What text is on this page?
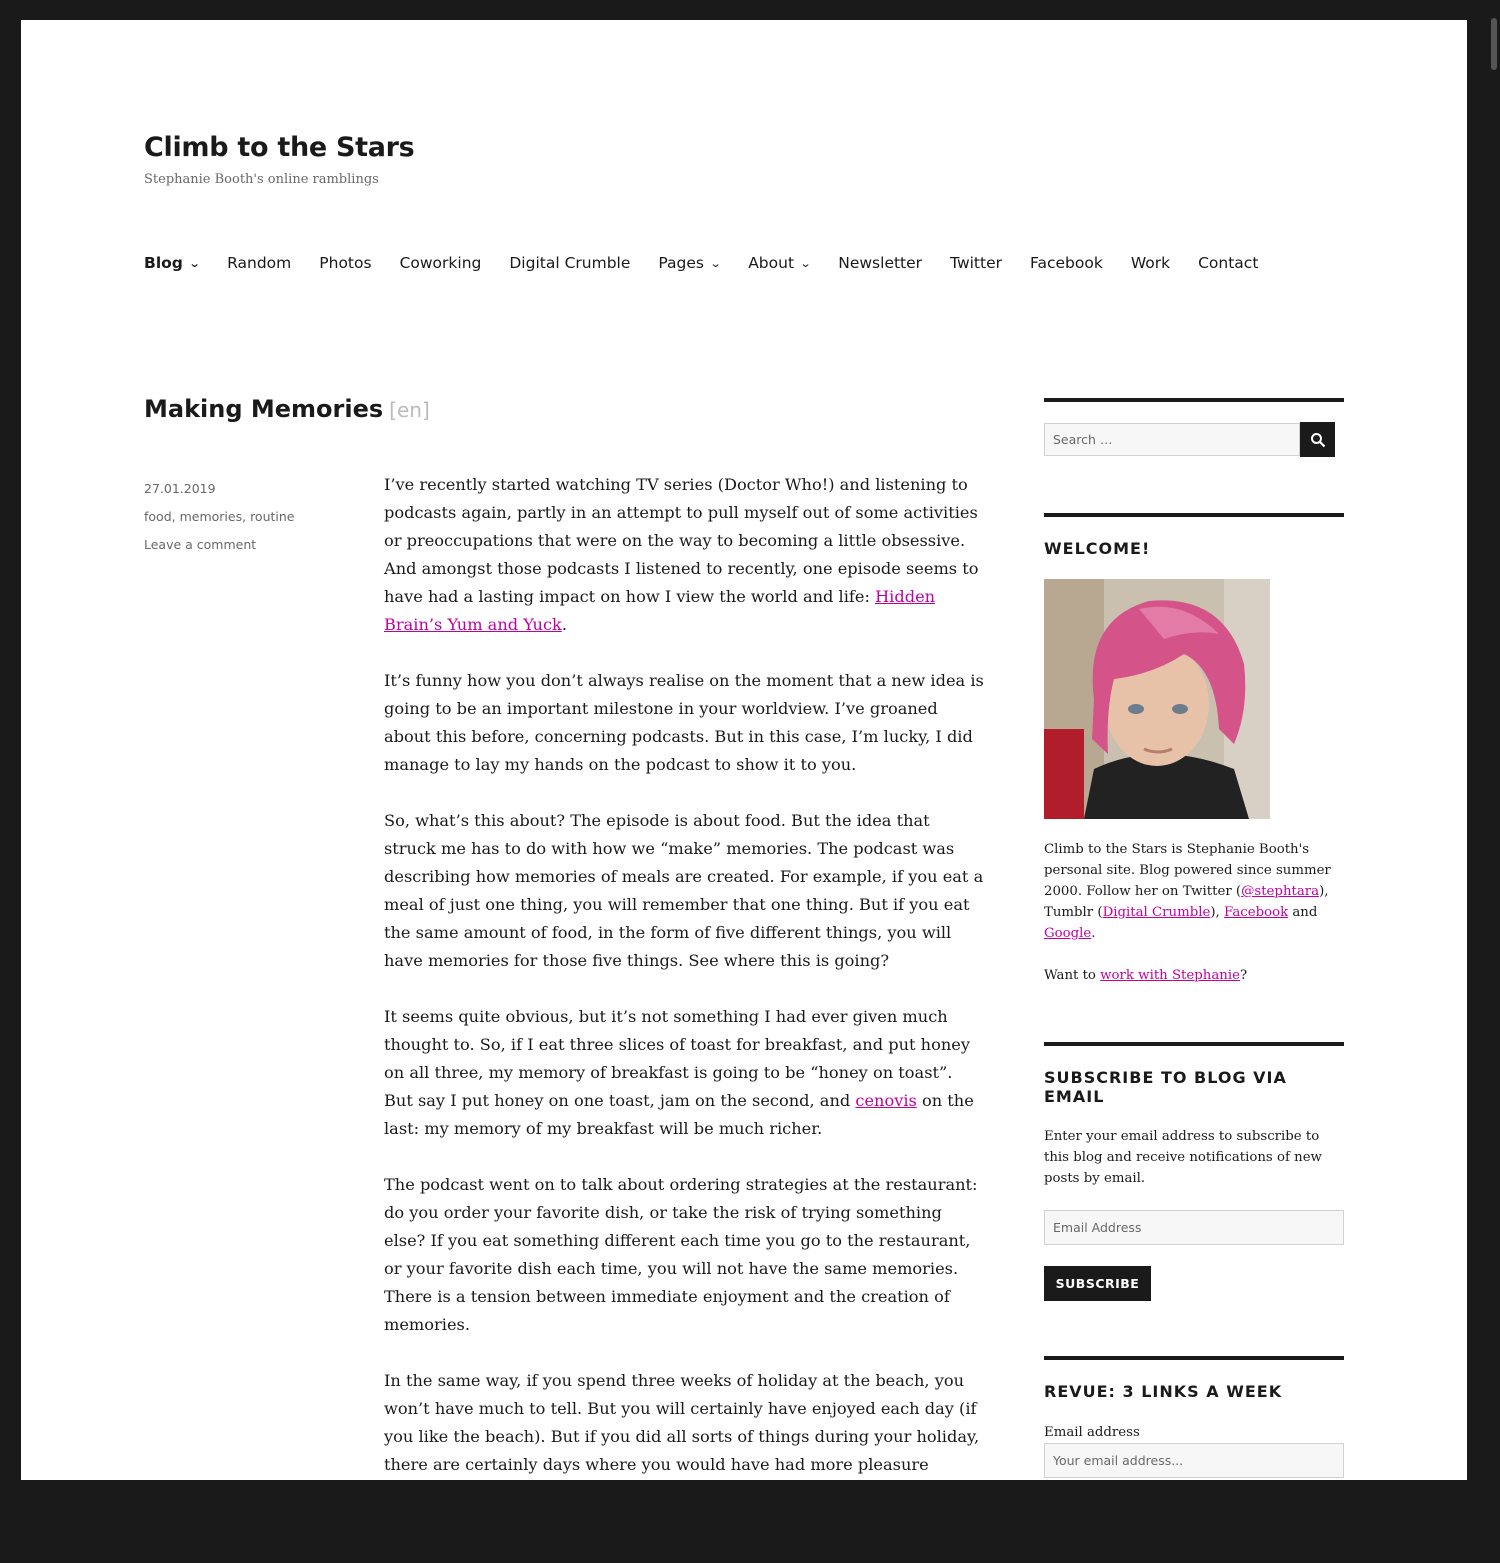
Climb to the Stars

Stephanie Booth's online ramblings

Blog ⌄ Random Photos Coworking Digital Crumble Pages ⌄ About ⌄ Newsletter Twitter Facebook Work Contact
Making Memories [en]
27.01.2019
food, memories, routine
Leave a comment

I’ve recently started watching TV series (Doctor Who!) and listening to podcasts again, partly in an attempt to pull myself out of some activities or preoccupations that were on the way to becoming a little obsessive. And amongst those podcasts I listened to recently, one episode seems to have had a lasting impact on how I view the world and life: Hidden Brain’s Yum and Yuck.

It’s funny how you don’t always realise on the moment that a new idea is going to be an important milestone in your worldview. I’ve groaned about this before, concerning podcasts. But in this case, I’m lucky, I did manage to lay my hands on the podcast to show it to you.

So, what’s this about? The episode is about food. But the idea that struck me has to do with how we “make” memories. The podcast was describing how memories of meals are created. For example, if you eat a meal of just one thing, you will remember that one thing. But if you eat the same amount of food, in the form of five different things, you will have memories for those five things. See where this is going?

It seems quite obvious, but it’s not something I had ever given much thought to. So, if I eat three slices of toast for breakfast, and put honey on all three, my memory of breakfast is going to be “honey on toast”. But say I put honey on one toast, jam on the second, and cenovis on the last: my memory of my breakfast will be much richer.

The podcast went on to talk about ordering strategies at the restaurant: do you order your favorite dish, or take the risk of trying something else? If you eat something different each time you go to the restaurant, or your favorite dish each time, you will not have the same memories. There is a tension between immediate enjoyment and the creation of memories.

In the same way, if you spend three weeks of holiday at the beach, you won’t have much to tell. But you will certainly have enjoyed each day (if you like the beach). But if you did all sorts of things during your holiday, there are certainly days where you would have had more pleasure sticking with the beach — but your memories of your holidays will be much richer.

Search …
WELCOME!
Climb to the Stars is Stephanie Booth's personal site. Blog powered since summer 2000. Follow her on Twitter (@stephtara), Tumblr (Digital Crumble), Facebook and Google.
Want to work with Stephanie?
SUBSCRIBE TO BLOG VIA EMAIL
Enter your email address to subscribe to this blog and receive notifications of new posts by email.
Email Address
SUBSCRIBE
REVUE: 3 LINKS A WEEK
Email address
Your email address...
First name (Optional)
